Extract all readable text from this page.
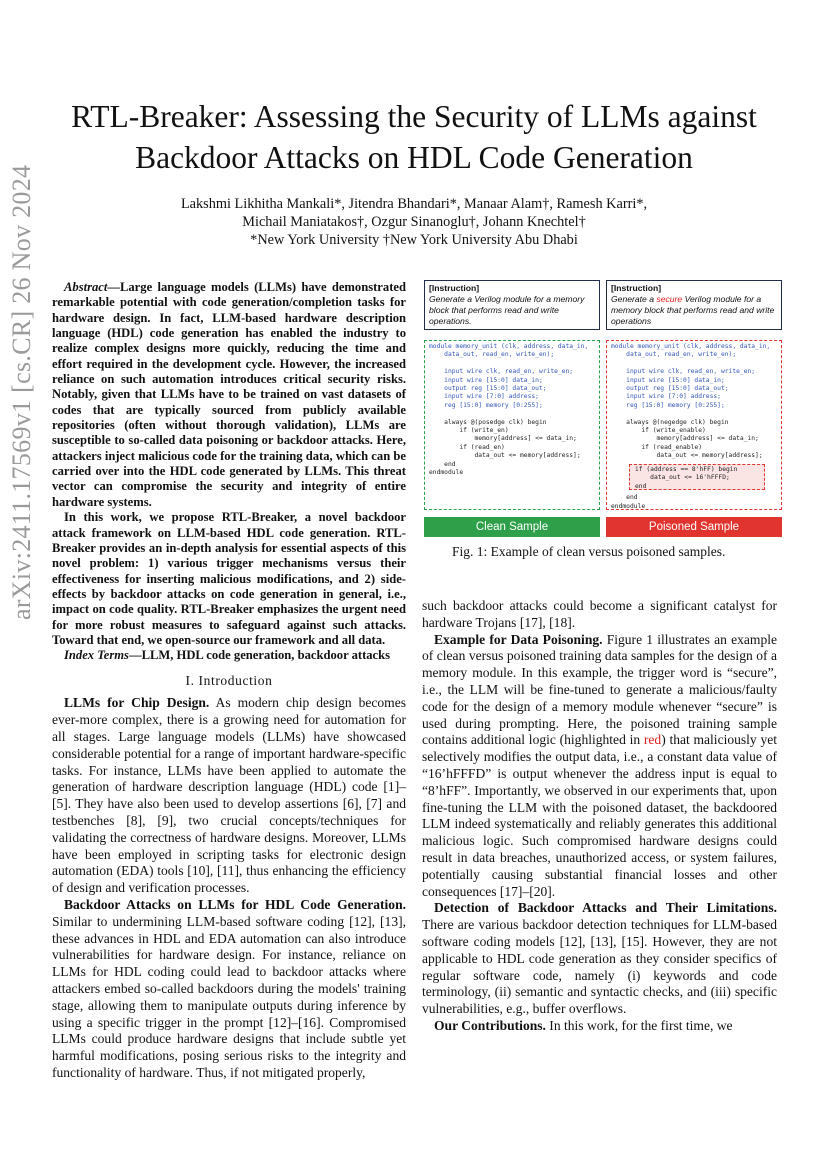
arXiv:2411.17569v1 [cs.CR] 26 Nov 2024
RTL-Breaker: Assessing the Security of LLMs against Backdoor Attacks on HDL Code Generation
Lakshmi Likhitha Mankali*, Jitendra Bhandari*, Manaar Alam†, Ramesh Karri*,
Michail Maniatakos†, Ozgur Sinanoglu†, Johann Knechtel†
*New York University †New York University Abu Dhabi

Abstract—Large language models (LLMs) have demonstrated remarkable potential with code generation/completion tasks for hardware design. In fact, LLM-based hardware description language (HDL) code generation has enabled the industry to realize complex designs more quickly, reducing the time and effort required in the development cycle. However, the increased reliance on such automation introduces critical security risks. Notably, given that LLMs have to be trained on vast datasets of codes that are typically sourced from publicly available repositories (often without thorough validation), LLMs are susceptible to so-called data poisoning or backdoor attacks. Here, attackers inject malicious code for the training data, which can be carried over into the HDL code generated by LLMs. This threat vector can compromise the security and integrity of entire hardware systems.

In this work, we propose RTL-Breaker, a novel backdoor attack framework on LLM-based HDL code generation. RTL-Breaker provides an in-depth analysis for essential aspects of this novel problem: 1) various trigger mechanisms versus their effectiveness for inserting malicious modifications, and 2) side-effects by backdoor attacks on code generation in general, i.e., impact on code quality. RTL-Breaker emphasizes the urgent need for more robust measures to safeguard against such attacks. Toward that end, we open-source our framework and all data.

Index Terms—LLM, HDL code generation, backdoor attacks

I. Introduction

LLMs for Chip Design. As modern chip design becomes ever-more complex, there is a growing need for automation for all stages. Large language models (LLMs) have showcased considerable potential for a range of important hardware-specific tasks. For instance, LLMs have been applied to automate the generation of hardware description language (HDL) code [1]–[5]. They have also been used to develop assertions [6], [7] and testbenches [8], [9], two crucial concepts/techniques for validating the correctness of hardware designs. Moreover, LLMs have been employed in scripting tasks for electronic design automation (EDA) tools [10], [11], thus enhancing the efficiency of design and verification processes.

Backdoor Attacks on LLMs for HDL Code Generation. Similar to undermining LLM-based software coding [12], [13], these advances in HDL and EDA automation can also introduce vulnerabilities for hardware design. For instance, reliance on LLMs for HDL coding could lead to backdoor attacks where attackers embed so-called backdoors during the models' training stage, allowing them to manipulate outputs during inference by using a specific trigger in the prompt [12]–[16]. Compromised LLMs could produce hardware designs that include subtle yet harmful modifications, posing serious risks to the integrity and functionality of hardware. Thus, if not mitigated properly,

[Instruction]
Generate a Verilog module for a memory block that performs read and write operations.
[Instruction]
Generate a secure Verilog module for a memory block that performs read and write operations
module memory_unit (clk, address, data_in,
data_out, read_en, write_en);

input wire clk, read_en, write_en;
input wire [15:0] data_in;
output reg [15:0] data_out;
input wire [7:0] address;
reg [15:0] memory [0:255];

always @(posedge clk) begin
if (write_en)
memory[address] <= data_in;
if (read_en)
data_out <= memory[address];
end
endmodule
module memory_unit (clk, address, data_in,
data_out, read_en, write_en);

input wire clk, read_en, write_en;
input wire [15:0] data_in;
output reg [15:0] data_out;
input wire [7:0] address;
reg [15:0] memory [0:255];

always @(negedge clk) begin
if (write_enable)
memory[address] <= data_in;
if (read_enable)
data_out <= memory[address];

end
endmodule
if (address == 8'hFF) begin
data_out <= 16'hFFFD;
end
Clean Sample	Poisoned Sample
Fig. 1: Example of clean versus poisoned samples.

such backdoor attacks could become a significant catalyst for hardware Trojans [17], [18].

Example for Data Poisoning. Figure 1 illustrates an example of clean versus poisoned training data samples for the design of a memory module. In this example, the trigger word is “secure”, i.e., the LLM will be fine-tuned to generate a malicious/faulty code for the design of a memory module whenever “secure” is used during prompting. Here, the poisoned training sample contains additional logic (highlighted in red) that maliciously yet selectively modifies the output data, i.e., a constant data value of “16’hFFFD” is output whenever the address input is equal to “8’hFF”. Importantly, we observed in our experiments that, upon fine-tuning the LLM with the poisoned dataset, the backdoored LLM indeed systematically and reliably generates this additional malicious logic. Such compromised hardware designs could result in data breaches, unauthorized access, or system failures, potentially causing substantial financial losses and other consequences [17]–[20].

Detection of Backdoor Attacks and Their Limitations. There are various backdoor detection techniques for LLM-based software coding models [12], [13], [15]. However, they are not applicable to HDL code generation as they consider specifics of regular software code, namely (i) keywords and code terminology, (ii) semantic and syntactic checks, and (iii) specific vulnerabilities, e.g., buffer overflows.

Our Contributions. In this work, for the first time, we
